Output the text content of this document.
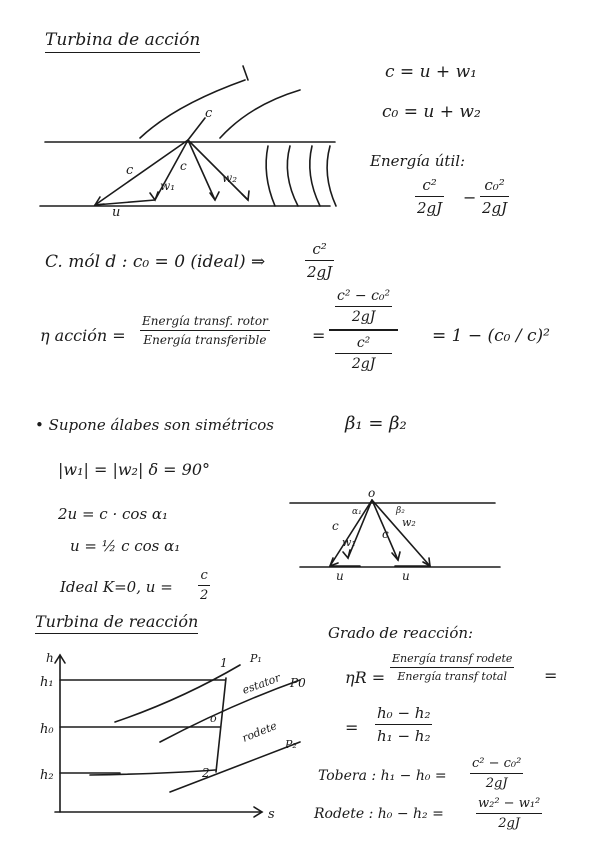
c
c	c
w₁
w₂
u
o
c
w₁
c
w₂
α₁	β₂
u	u
h
s
h₁
h₀
h₂
1
o
2
P₁
P0
P₂
estator
rodete
Turbina de acción
c = u + w₁
c₀ = u + w₂
Energía útil:
c²
2gJ
−
c₀²
2gJ
C. mól d : c₀ = 0 (ideal) ⇒
c²
2gJ
η acción =
Energía transf. rotor
Energía transferible	=
c² − c₀²
2gJ
c²
2gJ
= 1 − (c₀ / c)²
• Supone álabes son simétricos	β₁ = β₂
|w₁| = |w₂| δ = 90°
2u = c · cos α₁
u = ½ c cos α₁
Ideal K=0, u =
c
2
Turbina de reacción
Grado de reacción:
ηR =
Energía transf rodete
Energía transf total	=
=
h₀ − h₂
h₁ − h₂
Tobera : h₁ − h₀ =
c² − c₀²
2gJ
Rodete : h₀ − h₂ =
w₂² − w₁²
2gJ
